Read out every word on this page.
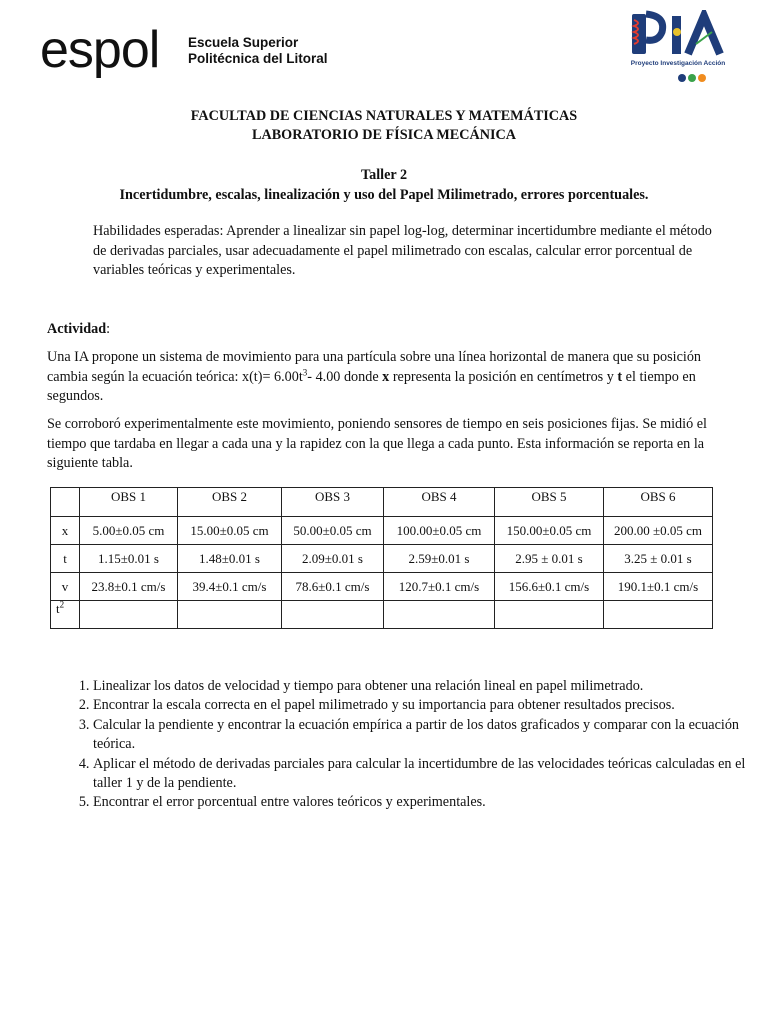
espol Escuela Superior
Politécnica del Litoral	Proyecto Investigación Acción
FACULTAD DE CIENCIAS NATURALES Y MATEMÁTICAS
LABORATORIO DE FÍSICA MECÁNICA
Taller 2
Incertidumbre, escalas, linealización y uso del Papel Milimetrado, errores porcentuales.
Habilidades esperadas: Aprender a linealizar sin papel log-log, determinar incertidumbre mediante el método de derivadas parciales, usar adecuadamente el papel milimetrado con escalas, calcular error porcentual de variables teóricas y experimentales.
Actividad:
Una IA propone un sistema de movimiento para una partícula sobre una línea horizontal de manera que su posición cambia según la ecuación teórica: $x(t)= 6.00t^3-$ 4.00 donde x representa la posición en centímetros y t el tiempo en segundos.
Se corroboró experimentalmente este movimiento, poniendo sensores de tiempo en seis posiciones fijas. Se midió el tiempo que tardaba en llegar a cada una y la rapidez con la que llega a cada punto. Esta información se reporta en la siguiente tabla.
	OBS 1	OBS 2	OBS 3	OBS 4	OBS 5	OBS 6
x	5.00±0.05 cm	15.00±0.05 cm	50.00±0.05 cm	100.00±0.05 cm	150.00±0.05 cm	200.00 ±0.05 cm
t	1.15±0.01 s	1.48±0.01 s	2.09±0.01 s	2.59±0.01 s	2.95 ± 0.01 s	3.25 ± 0.01 s
v	23.8±0.1 cm/s	39.4±0.1 cm/s	78.6±0.1 cm/s	120.7±0.1 cm/s	156.6±0.1 cm/s	190.1±0.1 cm/s
$t^2$						
1. Linealizar los datos de velocidad y tiempo para obtener una relación lineal en papel milimetrado.
2. Encontrar la escala correcta en el papel milimetrado y su importancia para obtener resultados precisos.
3. Calcular la pendiente y encontrar la ecuación empírica a partir de los datos graficados y comparar con la ecuación teórica.
4. Aplicar el método de derivadas parciales para calcular la incertidumbre de las velocidades teóricas calculadas en el taller 1 y de la pendiente.
5. Encontrar el error porcentual entre valores teóricos y experimentales.
